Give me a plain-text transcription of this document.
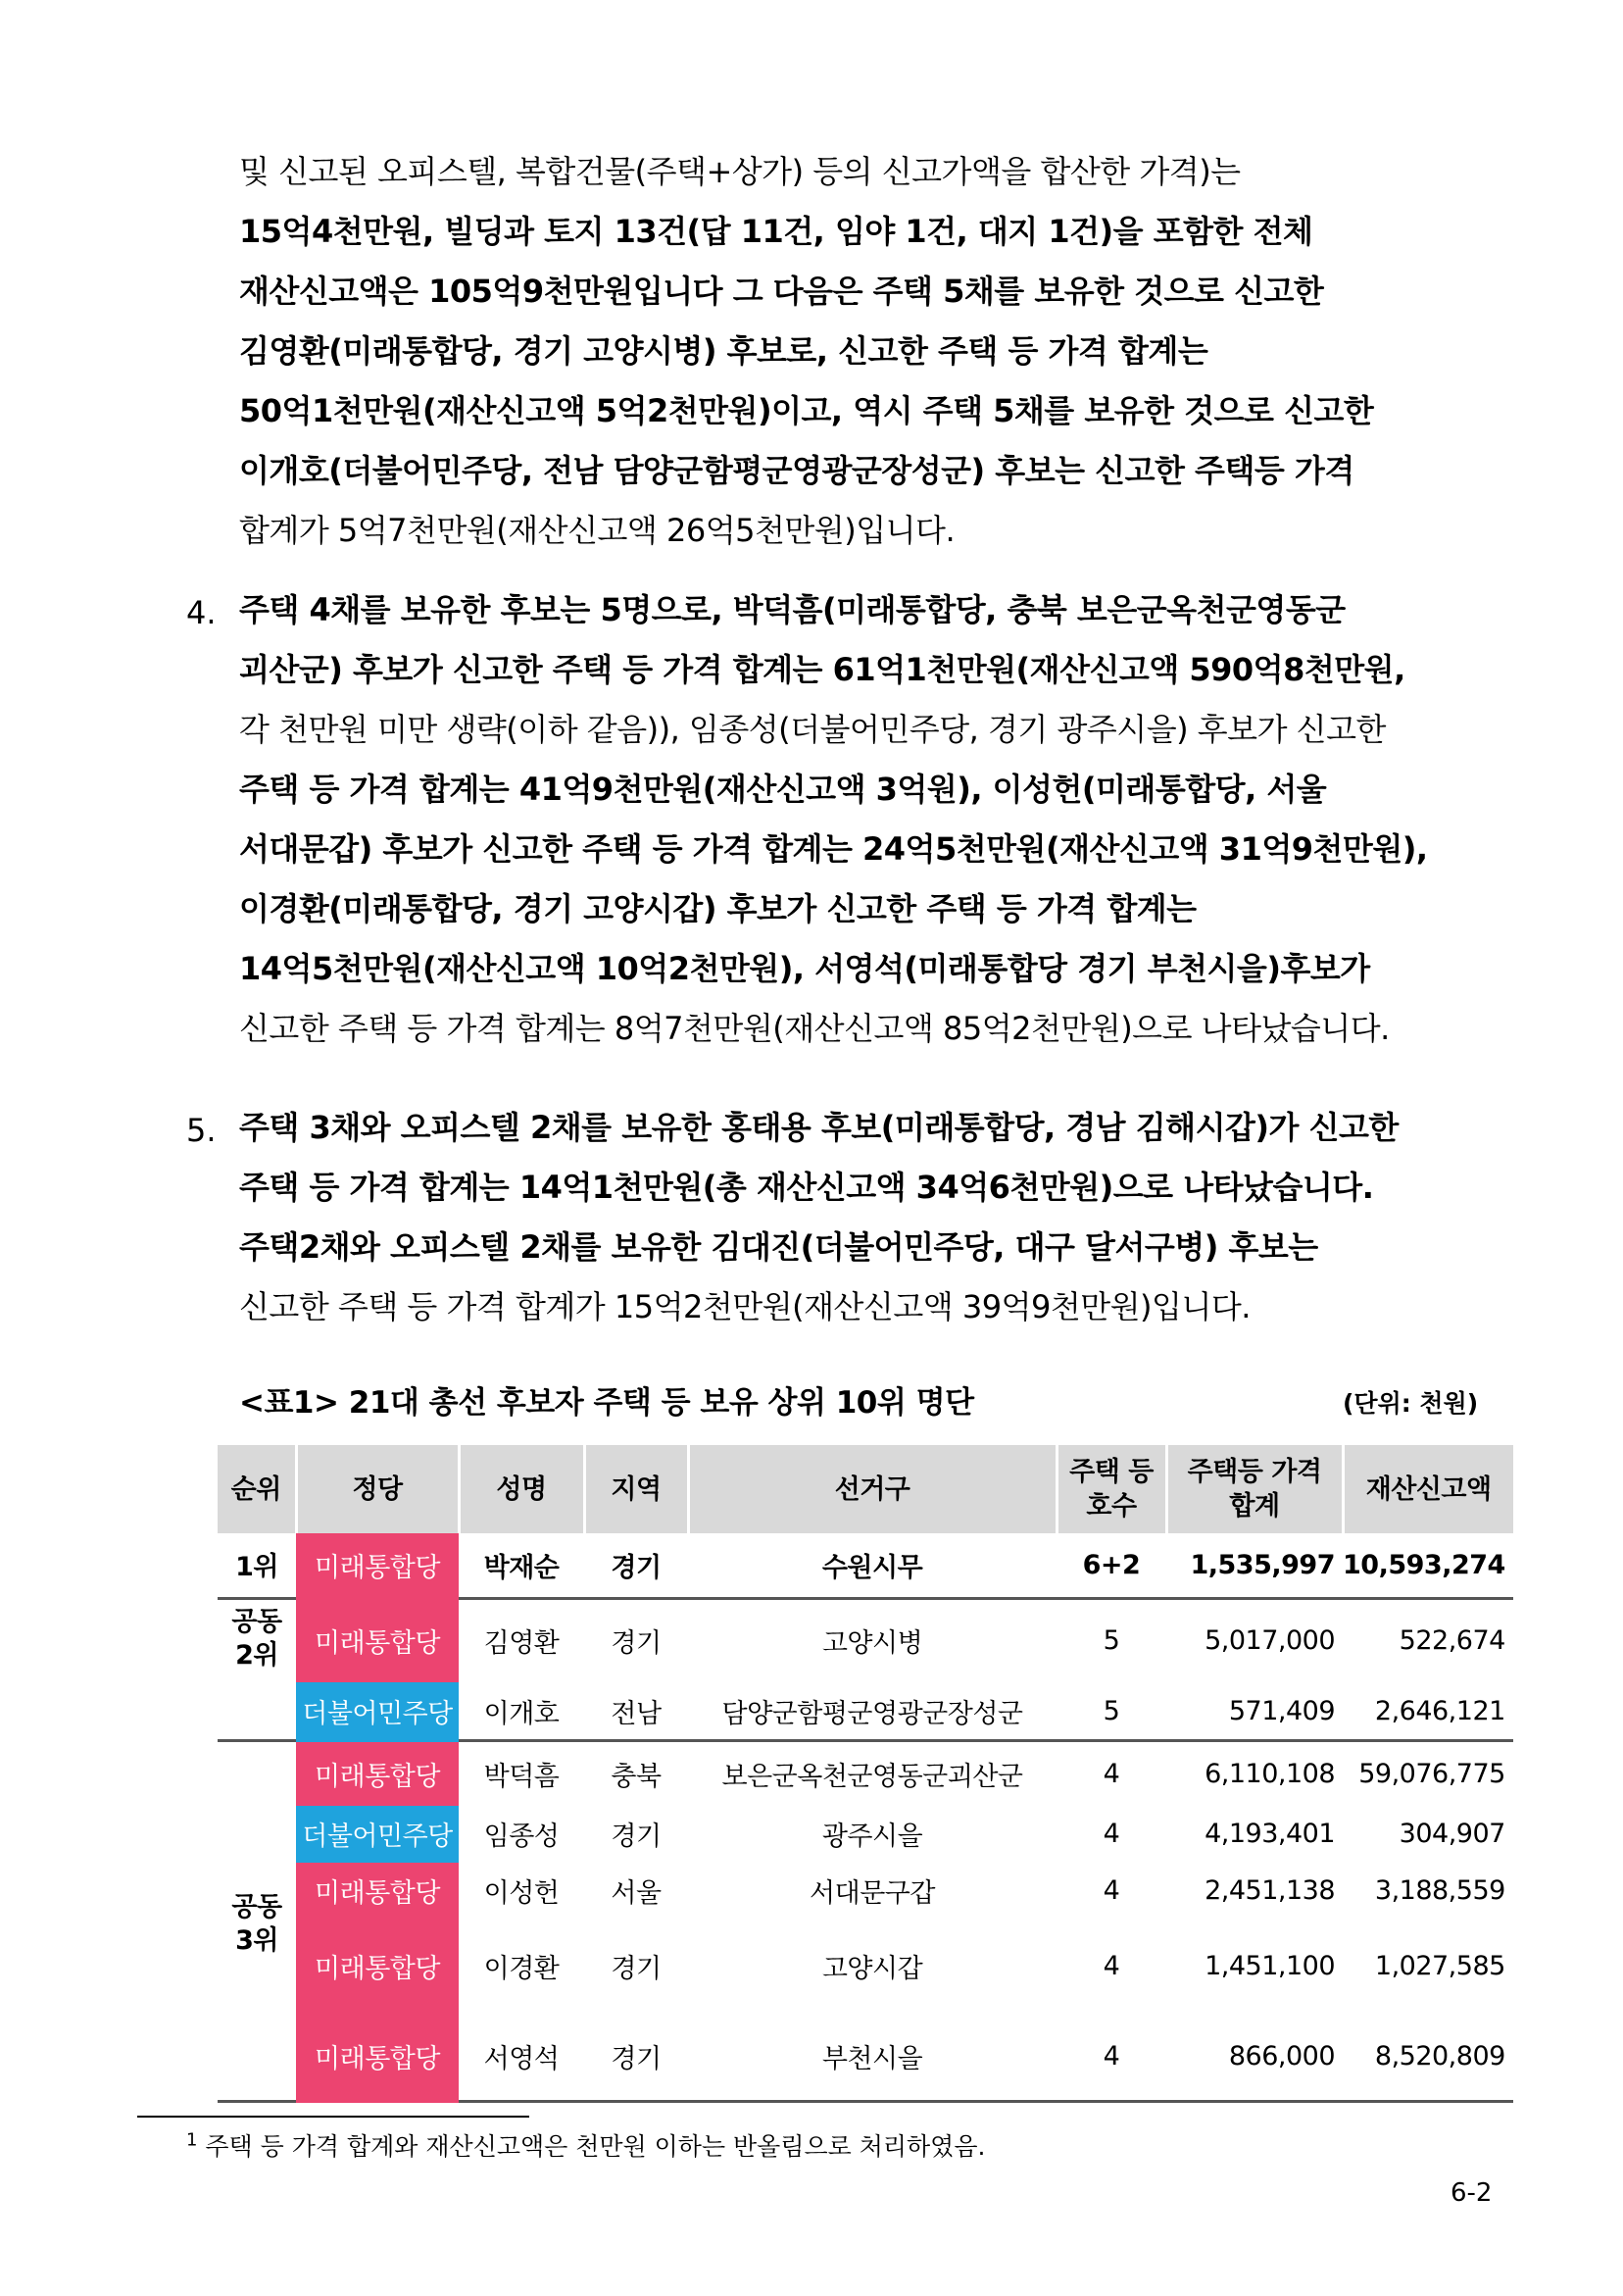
및 신고된 오피스텔, 복합건물(주택+상가) 등의 신고가액을 합산한 가격)는
15억4천만원, 빌딩과 토지 13건(답 11건, 임야 1건, 대지 1건)을 포함한 전체
재산신고액은 105억9천만원입니다 그 다음은 주택 5채를 보유한 것으로 신고한
김영환(미래통합당, 경기 고양시병) 후보로, 신고한 주택 등 가격 합계는
50억1천만원(재산신고액 5억2천만원)이고, 역시 주택 5채를 보유한 것으로 신고한
이개호(더불어민주당, 전남 담양군함평군영광군장성군) 후보는 신고한 주택등 가격
합계가 5억7천만원(재산신고액 26억5천만원)입니다.
4. 주택 4채를 보유한 후보는 5명으로, 박덕흠(미래통합당, 충북 보은군옥천군영동군
괴산군) 후보가 신고한 주택 등 가격 합계는 61억1천만원(재산신고액 590억8천만원,
각 천만원 미만 생략(이하 같음)), 임종성(더불어민주당, 경기 광주시을) 후보가 신고한
주택 등 가격 합계는 41억9천만원(재산신고액 3억원), 이성헌(미래통합당, 서울
서대문갑) 후보가 신고한 주택 등 가격 합계는 24억5천만원(재산신고액 31억9천만원),
이경환(미래통합당, 경기 고양시갑) 후보가 신고한 주택 등 가격 합계는
14억5천만원(재산신고액 10억2천만원), 서영석(미래통합당 경기 부천시을)후보가
신고한 주택 등 가격 합계는 8억7천만원(재산신고액 85억2천만원)으로 나타났습니다.
5. 주택 3채와 오피스텔 2채를 보유한 홍태용 후보(미래통합당, 경남 김해시갑)가 신고한
주택 등 가격 합계는 14억1천만원(총 재산신고액 34억6천만원)으로 나타났습니다.
주택2채와 오피스텔 2채를 보유한 김대진(더불어민주당, 대구 달서구병) 후보는
신고한 주택 등 가격 합계가 15억2천만원(재산신고액 39억9천만원)입니다.
<표1> 21대 총선 후보자 주택 등 보유 상위 10위 명단	(단위: 천원)
순위	정당	성명	지역	선거구	주택 등
호수	주택등 가격
합계	재산신고액
1위	미래통합당	박재순	경기	수원시무	6+2	1,535,997	10,593,274
공동
2위	미래통합당	김영환	경기	고양시병	5	5,017,000	522,674
	더불어민주당	이개호	전남	담양군함평군영광군장성군	5	571,409	2,646,121
공동
3위	미래통합당	박덕흠	충북	보은군옥천군영동군괴산군	4	6,110,108	59,076,775
	더불어민주당	임종성	경기	광주시을	4	4,193,401	304,907
	미래통합당	이성헌	서울	서대문구갑	4	2,451,138	3,188,559
	미래통합당	이경환	경기	고양시갑	4	1,451,100	1,027,585
	미래통합당	서영석	경기	부천시을	4	866,000	8,520,809
$^1$ 주택 등 가격 합계와 재산신고액은 천만원 이하는 반올림으로 처리하였음.
6-2
